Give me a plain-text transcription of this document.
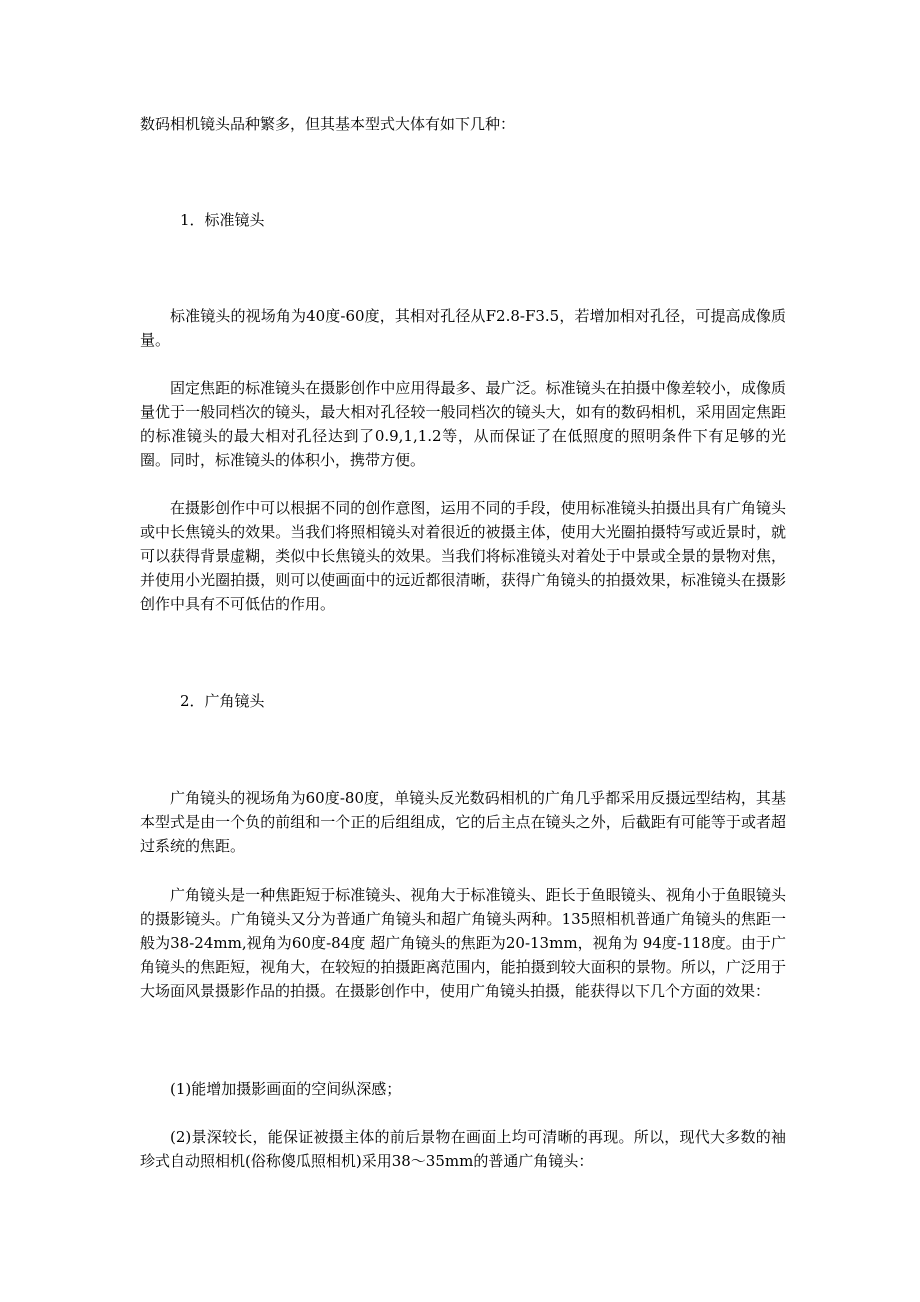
数码相机镜头品种繁多，但其基本型式大体有如下几种：

1．标准镜头

标准镜头的视场角为40度-60度，其相对孔径从F2.8-F3.5，若增加相对孔径，可提高成像质量。

固定焦距的标准镜头在摄影创作中应用得最多、最广泛。标准镜头在拍摄中像差较小，成像质量优于一般同档次的镜头，最大相对孔径较一般同档次的镜头大，如有的数码相机，采用固定焦距的标准镜头的最大相对孔径达到了0.9,1,1.2等，从而保证了在低照度的照明条件下有足够的光圈。同时，标准镜头的体积小，携带方便。

在摄影创作中可以根据不同的创作意图，运用不同的手段，使用标准镜头拍摄出具有广角镜头或中长焦镜头的效果。当我们将照相镜头对着很近的被摄主体，使用大光圈拍摄特写或近景时，就可以获得背景虚糊，类似中长焦镜头的效果。当我们将标准镜头对着处于中景或全景的景物对焦，并使用小光圈拍摄，则可以使画面中的远近都很清晰，获得广角镜头的拍摄效果，标准镜头在摄影创作中具有不可低估的作用。

2．广角镜头

广角镜头的视场角为60度-80度，单镜头反光数码相机的广角几乎都采用反摄远型结构，其基本型式是由一个负的前组和一个正的后组组成，它的后主点在镜头之外，后截距有可能等于或者超过系统的焦距。

广角镜头是一种焦距短于标准镜头、视角大于标准镜头、距长于鱼眼镜头、视角小于鱼眼镜头的摄影镜头。广角镜头又分为普通广角镜头和超广角镜头两种。135照相机普通广角镜头的焦距一般为38-24mm,视角为60度-84度 超广角镜头的焦距为20-13mm，视角为 94度-118度。由于广角镜头的焦距短，视角大，在较短的拍摄距离范围内，能拍摄到较大面积的景物。所以，广泛用于大场面风景摄影作品的拍摄。在摄影创作中，使用广角镜头拍摄，能获得以下几个方面的效果：

(1)能增加摄影画面的空间纵深感；

(2)景深较长，能保证被摄主体的前后景物在画面上均可清晰的再现。所以，现代大多数的袖珍式自动照相机(俗称傻瓜照相机)采用38～35mm的普通广角镜头：
